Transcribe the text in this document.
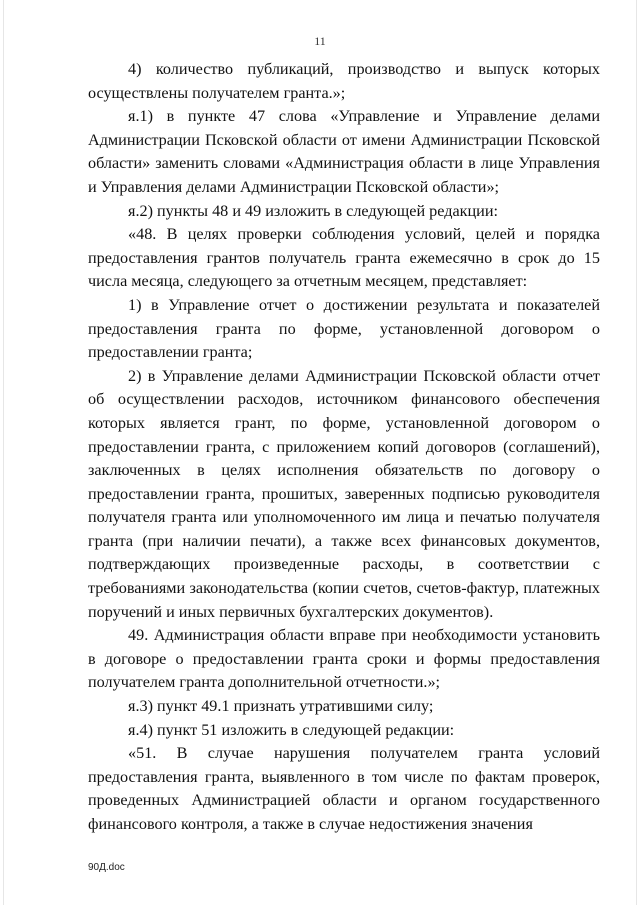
11

4) количество публикаций, производство и выпуск которых осуществлены получателем гранта.»;

я.1) в пункте 47 слова «Управление и Управление делами Администрации Псковской области от имени Администрации Псковской области» заменить словами «Администрация области в лице Управления и Управления делами Администрации Псковской области»;

я.2) пункты 48 и 49 изложить в следующей редакции:

«48. В целях проверки соблюдения условий, целей и порядка предоставления грантов получатель гранта ежемесячно в срок до 15 числа месяца, следующего за отчетным месяцем, представляет:

1) в Управление отчет о достижении результата и показателей предоставления гранта по форме, установленной договором о предоставлении гранта;

2) в Управление делами Администрации Псковской области отчет об осуществлении расходов, источником финансового обеспечения которых является грант, по форме, установленной договором о предоставлении гранта, с приложением копий договоров (соглашений), заключенных в целях исполнения обязательств по договору о предоставлении гранта, прошитых, заверенных подписью руководителя получателя гранта или уполномоченного им лица и печатью получателя гранта (при наличии печати), а также всех финансовых документов, подтверждающих произведенные расходы, в соответствии с требованиями законодательства (копии счетов, счетов-фактур, платежных поручений и иных первичных бухгалтерских документов).

49. Администрация области вправе при необходимости установить в договоре о предоставлении гранта сроки и формы предоставления получателем гранта дополнительной отчетности.»;

я.3) пункт 49.1 признать утратившими силу;

я.4) пункт 51 изложить в следующей редакции:

«51. В случае нарушения получателем гранта условий предоставления гранта, выявленного в том числе по фактам проверок, проведенных Администрацией области и органом государственного финансового контроля, а также в случае недостижения значения

90Д.doc
